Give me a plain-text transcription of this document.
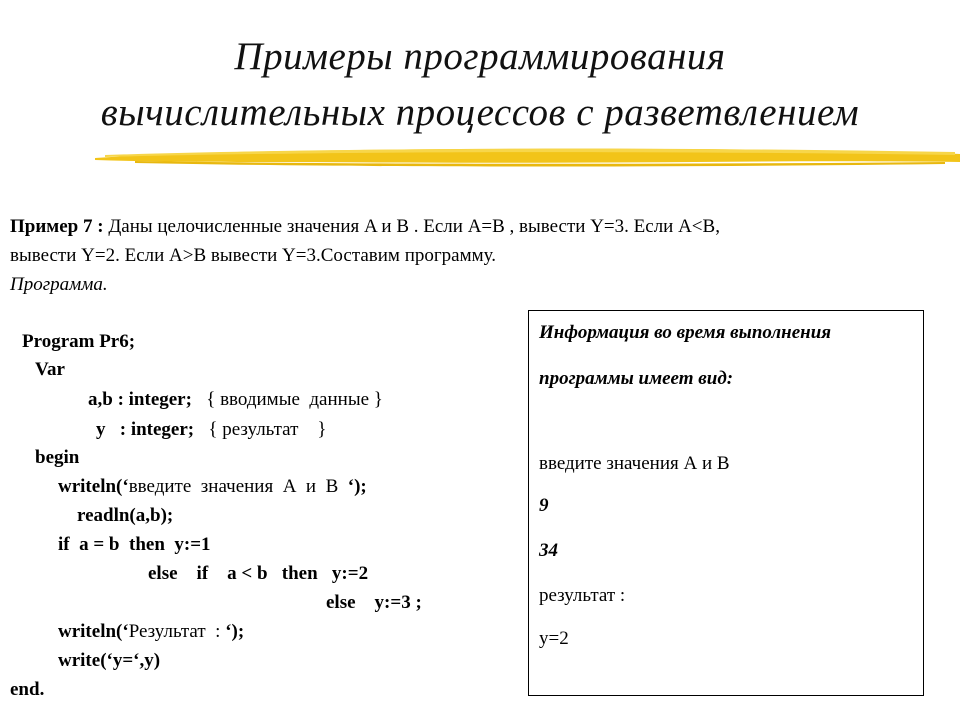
Примеры программирования
вычислительных процессов с разветвлением
Пример 7 : Даны целочисленные значения A и B . Если A=B , вывести Y=3. Если A<B,
вывести Y=2. Если A>B вывести Y=3.Составим программу.
Программа.
Program Pr6;
Var
a,b : integer;   { вводимые  данные }
y   : integer;   { результат    }
begin
writeln(‘введите  значения  А  и  В  ‘);
readln(a,b);
if  a = b  then  y:=1
else    if    a < b   then   y:=2
else    y:=3 ;
writeln(‘Результат  : ‘);
write(‘y=‘,y)
end.
Информация во время выполнения
программы имеет вид:
введите значения А и В
9
34
результат :
y=2
